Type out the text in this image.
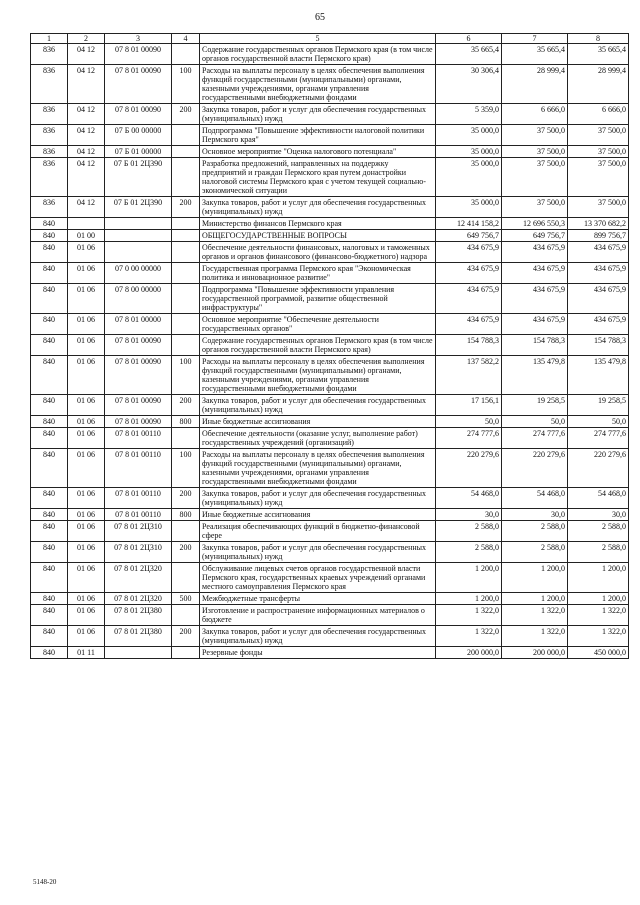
65
1	2	3	4	5	6	7	8
836	04 12	07 8 01 00090		Содержание государственных органов Пермского края (в том числе органов государственной власти Пермского края)	35 665,4	35 665,4	35 665,4
836	04 12	07 8 01 00090	100	Расходы на выплаты персоналу в целях обеспечения выполнения функций государственными (муниципальными) органами, казенными учреждениями, органами управления государственными внебюджетными фондами	30 306,4	28 999,4	28 999,4
836	04 12	07 8 01 00090	200	Закупка товаров, работ и услуг для обеспечения государственных (муниципальных) нужд	5 359,0	6 666,0	6 666,0
836	04 12	07 Б 00 00000		Подпрограмма "Повышение эффективности налоговой политики Пермского края"	35 000,0	37 500,0	37 500,0
836	04 12	07 Б 01 00000		Основное мероприятие "Оценка налогового потенциала"	35 000,0	37 500,0	37 500,0
836	04 12	07 Б 01 2Ц390		Разработка предложений, направленных на поддержку предприятий и граждан Пермского края путем донастройки налоговой системы Пермского края с учетом текущей социально-экономической ситуации	35 000,0	37 500,0	37 500,0
836	04 12	07 Б 01 2Ц390	200	Закупка товаров, работ и услуг для обеспечения государственных (муниципальных) нужд	35 000,0	37 500,0	37 500,0
840				Министерство финансов Пермского края	12 414 158,2	12 696 550,3	13 370 682,2
840	01 00			ОБЩЕГОСУДАРСТВЕННЫЕ ВОПРОСЫ	649 756,7	649 756,7	899 756,7
840	01 06			Обеспечение деятельности финансовых, налоговых и таможенных органов и органов финансового (финансово-бюджетного) надзора	434 675,9	434 675,9	434 675,9
840	01 06	07 0 00 00000		Государственная программа Пермского края "Экономическая политика и инновационное развитие"	434 675,9	434 675,9	434 675,9
840	01 06	07 8 00 00000		Подпрограмма "Повышение эффективности управления государственной программой, развитие общественной инфраструктуры"	434 675,9	434 675,9	434 675,9
840	01 06	07 8 01 00000		Основное мероприятие "Обеспечение деятельности государственных органов"	434 675,9	434 675,9	434 675,9
840	01 06	07 8 01 00090		Содержание государственных органов Пермского края (в том числе органов государственной власти Пермского края)	154 788,3	154 788,3	154 788,3
840	01 06	07 8 01 00090	100	Расходы на выплаты персоналу в целях обеспечения выполнения функций государственными (муниципальными) органами, казенными учреждениями, органами управления государственными внебюджетными фондами	137 582,2	135 479,8	135 479,8
840	01 06	07 8 01 00090	200	Закупка товаров, работ и услуг для обеспечения государственных (муниципальных) нужд	17 156,1	19 258,5	19 258,5
840	01 06	07 8 01 00090	800	Иные бюджетные ассигнования	50,0	50,0	50,0
840	01 06	07 8 01 00110		Обеспечение деятельности (оказание услуг, выполнение работ) государственных учреждений (организаций)	274 777,6	274 777,6	274 777,6
840	01 06	07 8 01 00110	100	Расходы на выплаты персоналу в целях обеспечения выполнения функций государственными (муниципальными) органами, казенными учреждениями, органами управления государственными внебюджетными фондами	220 279,6	220 279,6	220 279,6
840	01 06	07 8 01 00110	200	Закупка товаров, работ и услуг для обеспечения государственных (муниципальных) нужд	54 468,0	54 468,0	54 468,0
840	01 06	07 8 01 00110	800	Иные бюджетные ассигнования	30,0	30,0	30,0
840	01 06	07 8 01 2Ц310		Реализация обеспечивающих функций в бюджетно-финансовой сфере	2 588,0	2 588,0	2 588,0
840	01 06	07 8 01 2Ц310	200	Закупка товаров, работ и услуг для обеспечения государственных (муниципальных) нужд	2 588,0	2 588,0	2 588,0
840	01 06	07 8 01 2Ц320		Обслуживание лицевых счетов органов государственной власти Пермского края, государственных краевых учреждений органами местного самоуправления Пермского края	1 200,0	1 200,0	1 200,0
840	01 06	07 8 01 2Ц320	500	Межбюджетные трансферты	1 200,0	1 200,0	1 200,0
840	01 06	07 8 01 2Ц380		Изготовление и распространение информационных материалов о бюджете	1 322,0	1 322,0	1 322,0
840	01 06	07 8 01 2Ц380	200	Закупка товаров, работ и услуг для обеспечения государственных (муниципальных) нужд	1 322,0	1 322,0	1 322,0
840	01 11			Резервные фонды	200 000,0	200 000,0	450 000,0
5148-20
